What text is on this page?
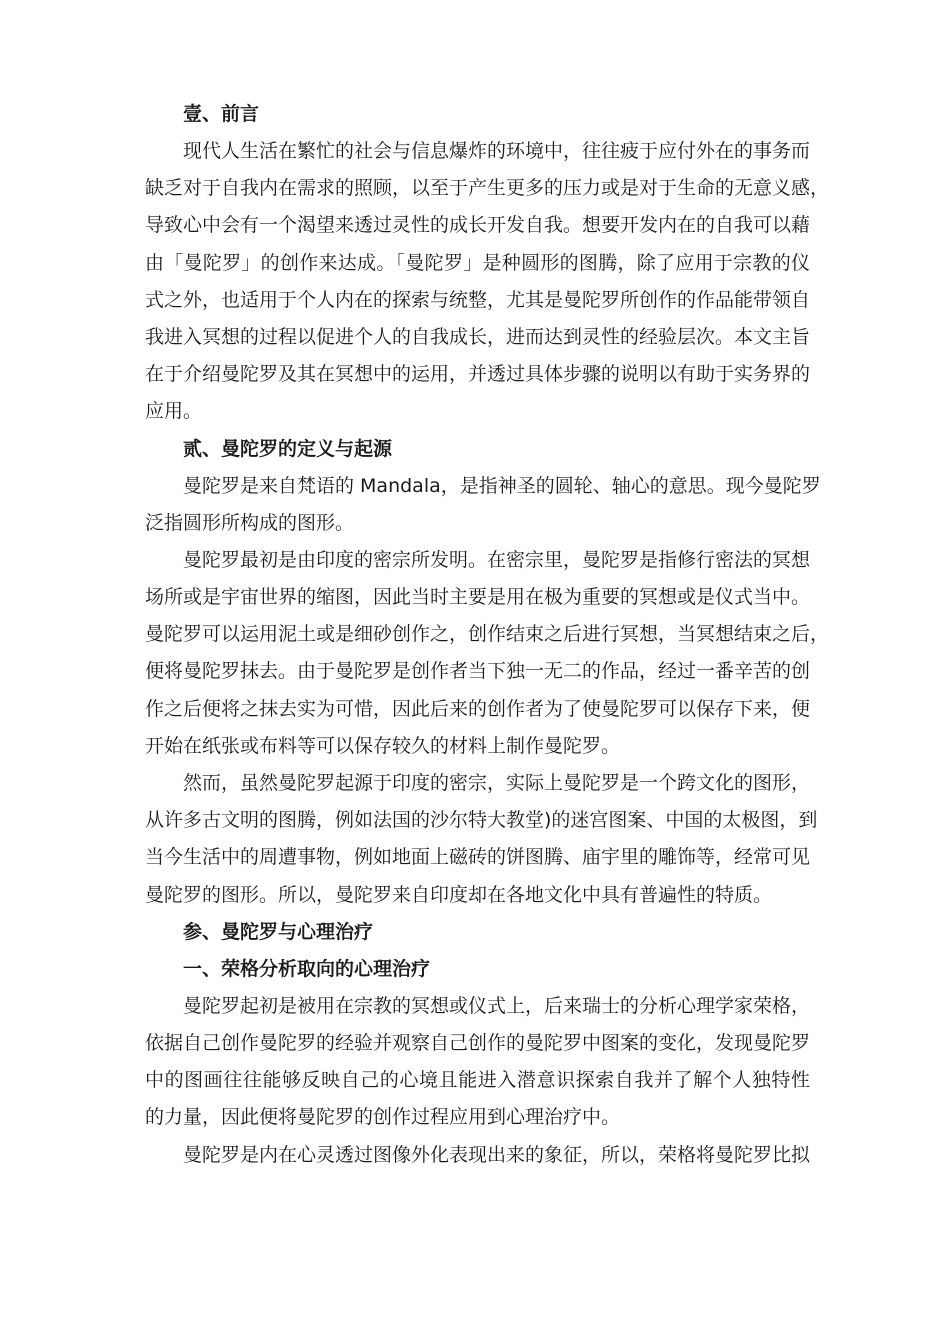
壹、前言

现代人生活在繁忙的社会与信息爆炸的环境中，往往疲于应付外在的事务而
缺乏对于自我内在需求的照顾，以至于产生更多的压力或是对于生命的无意义感，
导致心中会有一个渴望来透过灵性的成长开发自我。想要开发内在的自我可以藉
由「曼陀罗」的创作来达成。「曼陀罗」是种圆形的图腾，除了应用于宗教的仪
式之外，也适用于个人内在的探索与统整，尤其是曼陀罗所创作的作品能带领自
我进入冥想的过程以促进个人的自我成长，进而达到灵性的经验层次。本文主旨
在于介绍曼陀罗及其在冥想中的运用，并透过具体步骤的说明以有助于实务界的
应用。

贰、曼陀罗的定义与起源

曼陀罗是来自梵语的 Mandala，是指神圣的圆轮、轴心的意思。现今曼陀罗
泛指圆形所构成的图形。

曼陀罗最初是由印度的密宗所发明。在密宗里，曼陀罗是指修行密法的冥想
场所或是宇宙世界的缩图，因此当时主要是用在极为重要的冥想或是仪式当中。
曼陀罗可以运用泥土或是细砂创作之，创作结束之后进行冥想，当冥想结束之后，
便将曼陀罗抹去。由于曼陀罗是创作者当下独一无二的作品，经过一番辛苦的创
作之后便将之抹去实为可惜，因此后来的创作者为了使曼陀罗可以保存下来，便
开始在纸张或布料等可以保存较久的材料上制作曼陀罗。

然而，虽然曼陀罗起源于印度的密宗，实际上曼陀罗是一个跨文化的图形，
从许多古文明的图腾，例如法国的沙尔特大教堂)的迷宫图案、中国的太极图，到
当今生活中的周遭事物，例如地面上磁砖的饼图腾、庙宇里的雕饰等，经常可见
曼陀罗的图形。所以，曼陀罗来自印度却在各地文化中具有普遍性的特质。

参、曼陀罗与心理治疗
一、荣格分析取向的心理治疗

曼陀罗起初是被用在宗教的冥想或仪式上，后来瑞士的分析心理学家荣格，
依据自己创作曼陀罗的经验并观察自己创作的曼陀罗中图案的变化，发现曼陀罗
中的图画往往能够反映自己的心境且能进入潜意识探索自我并了解个人独特性
的力量，因此便将曼陀罗的创作过程应用到心理治疗中。

曼陀罗是内在心灵透过图像外化表现出来的象征，所以，荣格将曼陀罗比拟
